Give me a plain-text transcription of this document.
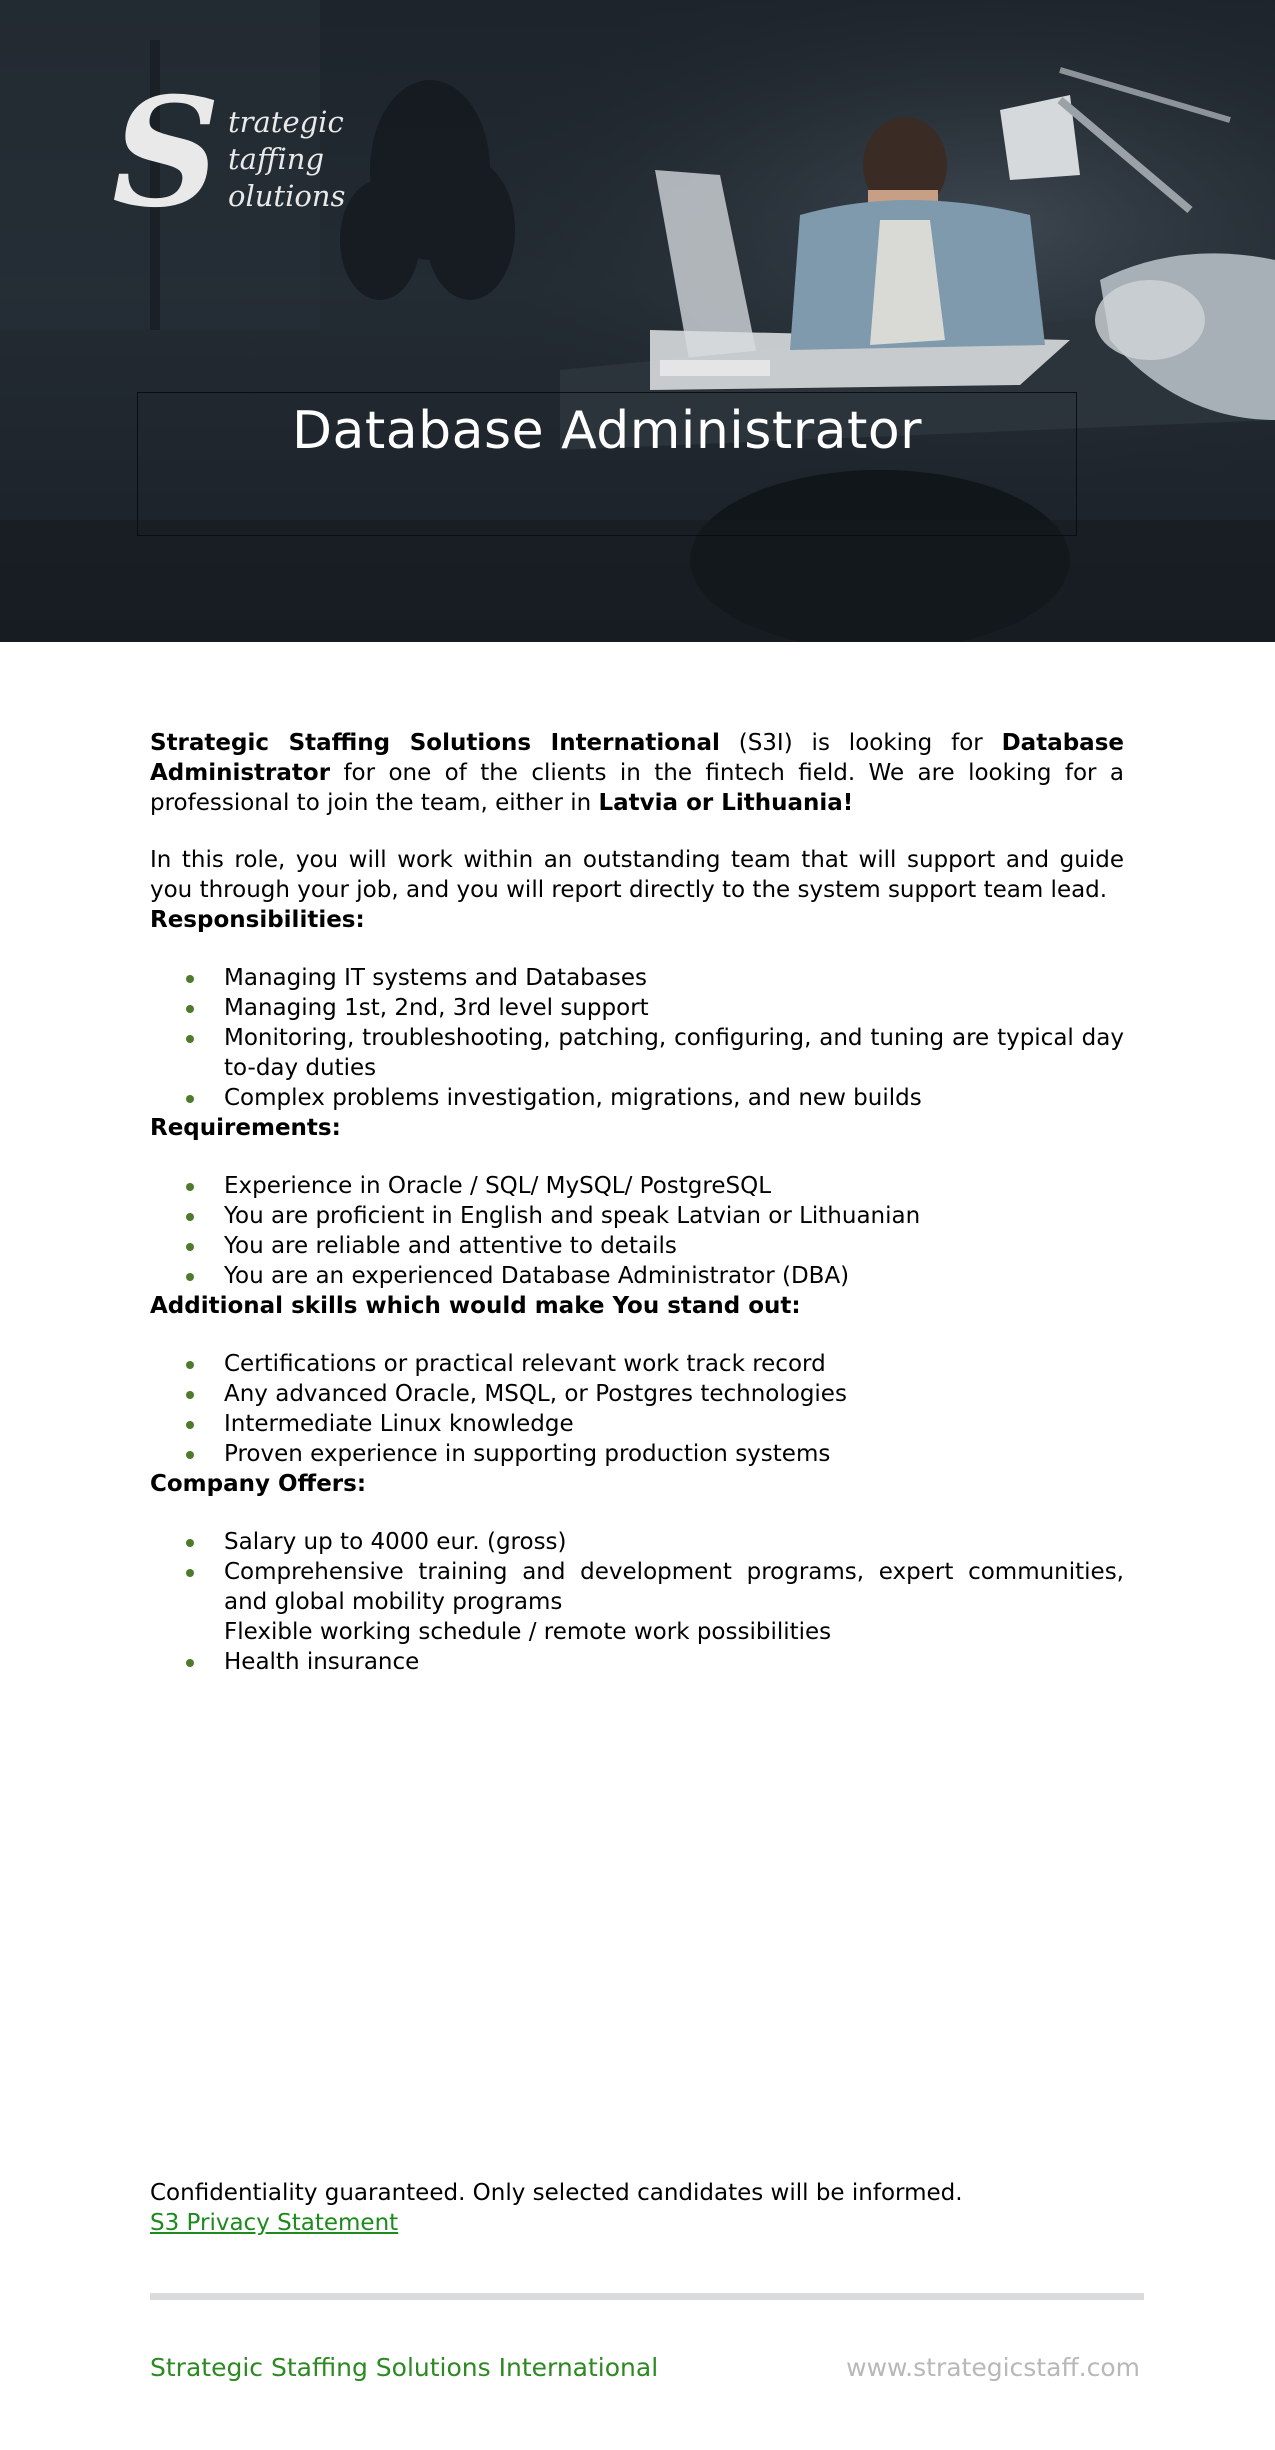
S trategic
taffing
olutions
Database Administrator

Strategic Staffing Solutions International (S3I) is looking for Database Administrator for one of the clients in the fintech field. We are looking for a professional to join the team, either in Latvia or Lithuania!

In this role, you will work within an outstanding team that will support and guide you through your job, and you will report directly to the system support team lead.

Responsibilities:

Managing IT systems and Databases
Managing 1st, 2nd, 3rd level support
Monitoring, troubleshooting, patching, configuring, and tuning are typical day to-day duties
Complex problems investigation, migrations, and new builds

Requirements:

Experience in Oracle / SQL/ MySQL/ PostgreSQL
You are proficient in English and speak Latvian or Lithuanian
You are reliable and attentive to details
You are an experienced Database Administrator (DBA)

Additional skills which would make You stand out:

Certifications or practical relevant work track record
Any advanced Oracle, MSQL, or Postgres technologies
Intermediate Linux knowledge
Proven experience in supporting production systems

Company Offers:

Salary up to 4000 eur. (gross)
Comprehensive training and development programs, expert communities, and global mobility programs
Flexible working schedule / remote work possibilities
Health insurance
Confidentiality guaranteed. Only selected candidates will be informed.
S3 Privacy Statement
Strategic Staffing Solutions International	www.strategicstaff.com
